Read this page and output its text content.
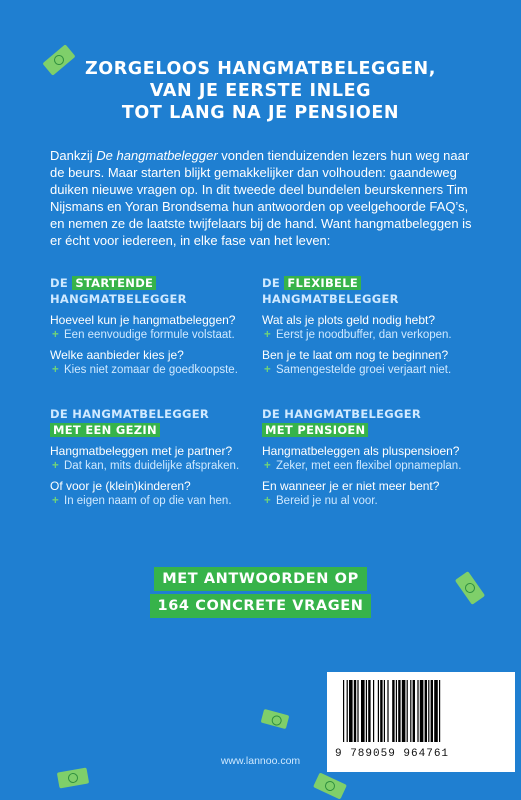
ZORGELOOS HANGMATBELEGGEN,
VAN JE EERSTE INLEG
TOT LANG NA JE PENSIOEN
Dankzij De hangmatbelegger vonden tienduizenden lezers hun weg naar de beurs. Maar starten blijkt gemakkelijker dan volhouden: gaandeweg duiken nieuwe vragen op. In dit tweede deel bundelen beurskenners Tim Nijsmans en Yoran Brondsema hun antwoorden op veelgehoorde FAQ’s, en nemen ze de laatste twijfelaars bij de hand. Want hangmatbeleggen is er écht voor iedereen, in elke fase van het leven:
DE STARTENDE
HANGMATBELEGGER
Hoeveel kun je hangmatbeleggen?
+ Een eenvoudige formule volstaat.
Welke aanbieder kies je?
+ Kies niet zomaar de goedkoopste.
DE FLEXIBELE
HANGMATBELEGGER
Wat als je plots geld nodig hebt?
+ Eerst je noodbuffer, dan verkopen.
Ben je te laat om nog te beginnen?
+ Samengestelde groei verjaart niet.
DE HANGMATBELEGGER
MET EEN GEZIN
Hangmatbeleggen met je partner?
+ Dat kan, mits duidelijke afspraken.
Of voor je (klein)kinderen?
+ In eigen naam of op die van hen.
DE HANGMATBELEGGER
MET PENSIOEN
Hangmatbeleggen als pluspensioen?
+ Zeker, met een flexibel opnameplan.
En wanneer je er niet meer bent?
+ Bereid je nu al voor.
MET ANTWOORDEN OP
164 CONCRETE VRAGEN
9 789059 964761
www.lannoo.com
